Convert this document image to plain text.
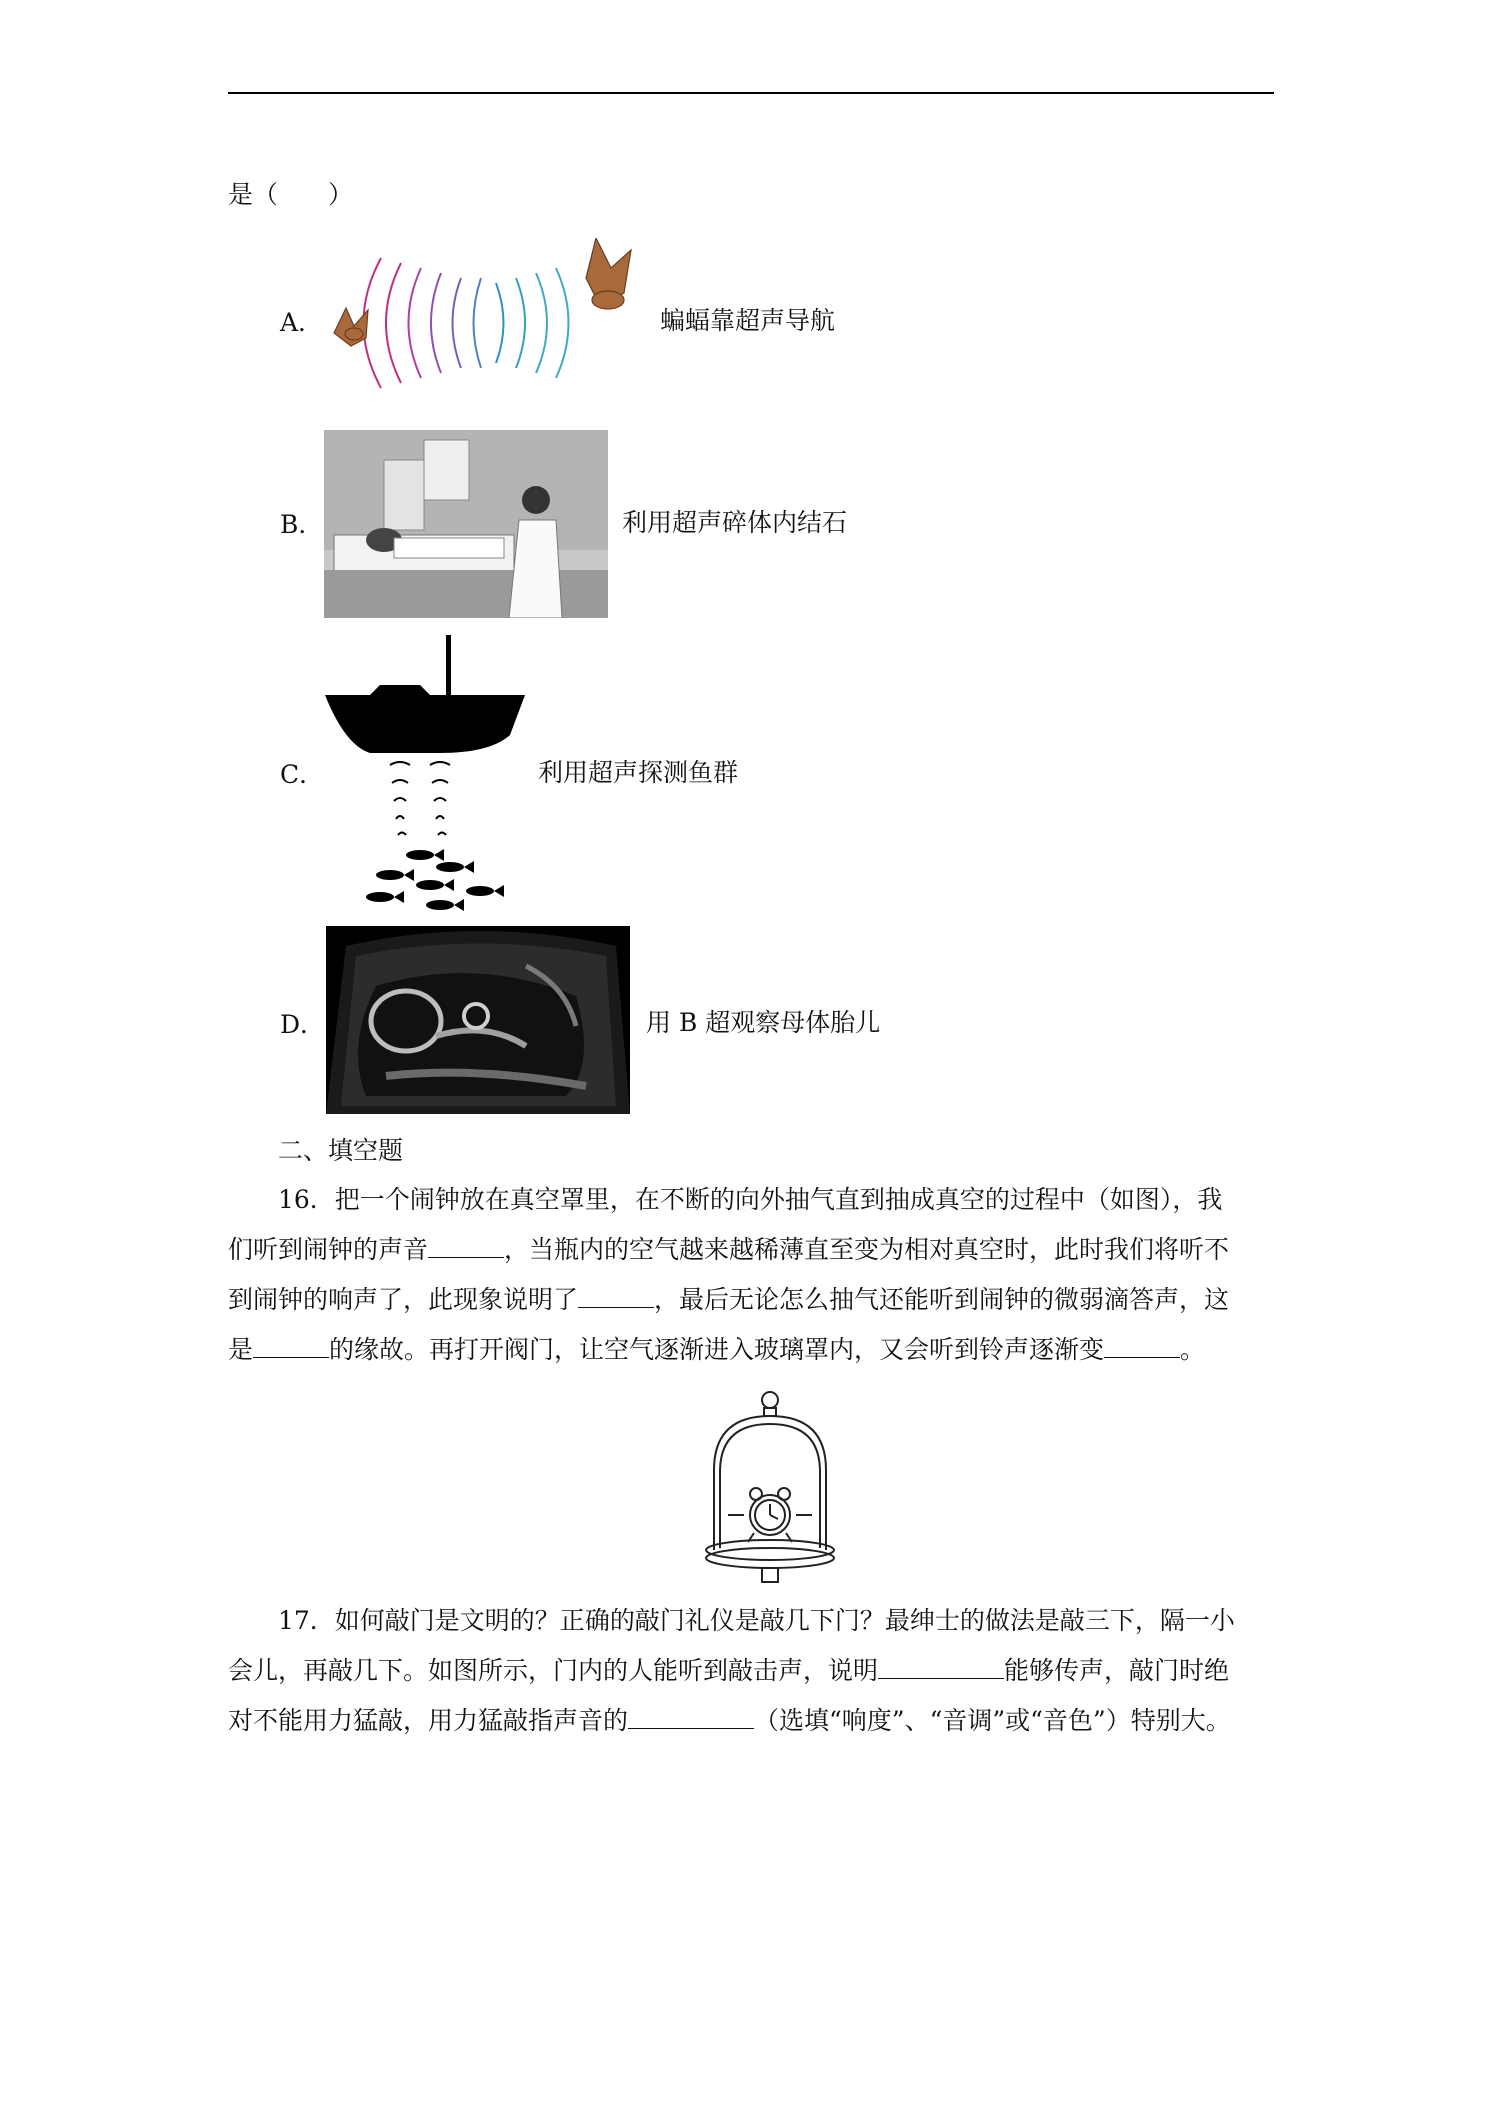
是（　　）
A．	蝙蝠靠超声导航
B．	利用超声碎体内结石
C．	利用超声探测鱼群
D．	用 B 超观察母体胎儿
二、填空题
16．把一个闹钟放在真空罩里，在不断的向外抽气直到抽成真空的过程中（如图），我
们听到闹钟的声音	，当瓶内的空气越来越稀薄直至变为相对真空时，此时我们将听不
到闹钟的响声了，此现象说明了	，最后无论怎么抽气还能听到闹钟的微弱滴答声，这
是	的缘故。再打开阀门，让空气逐渐进入玻璃罩内，又会听到铃声逐渐变	。
17．如何敲门是文明的？正确的敲门礼仪是敲几下门？最绅士的做法是敲三下，隔一小
会儿，再敲几下。如图所示，门内的人能听到敲击声，说明	能够传声，敲门时绝
对不能用力猛敲，用力猛敲指声音的	（选填“响度”、“音调”或“音色”）特别大。
